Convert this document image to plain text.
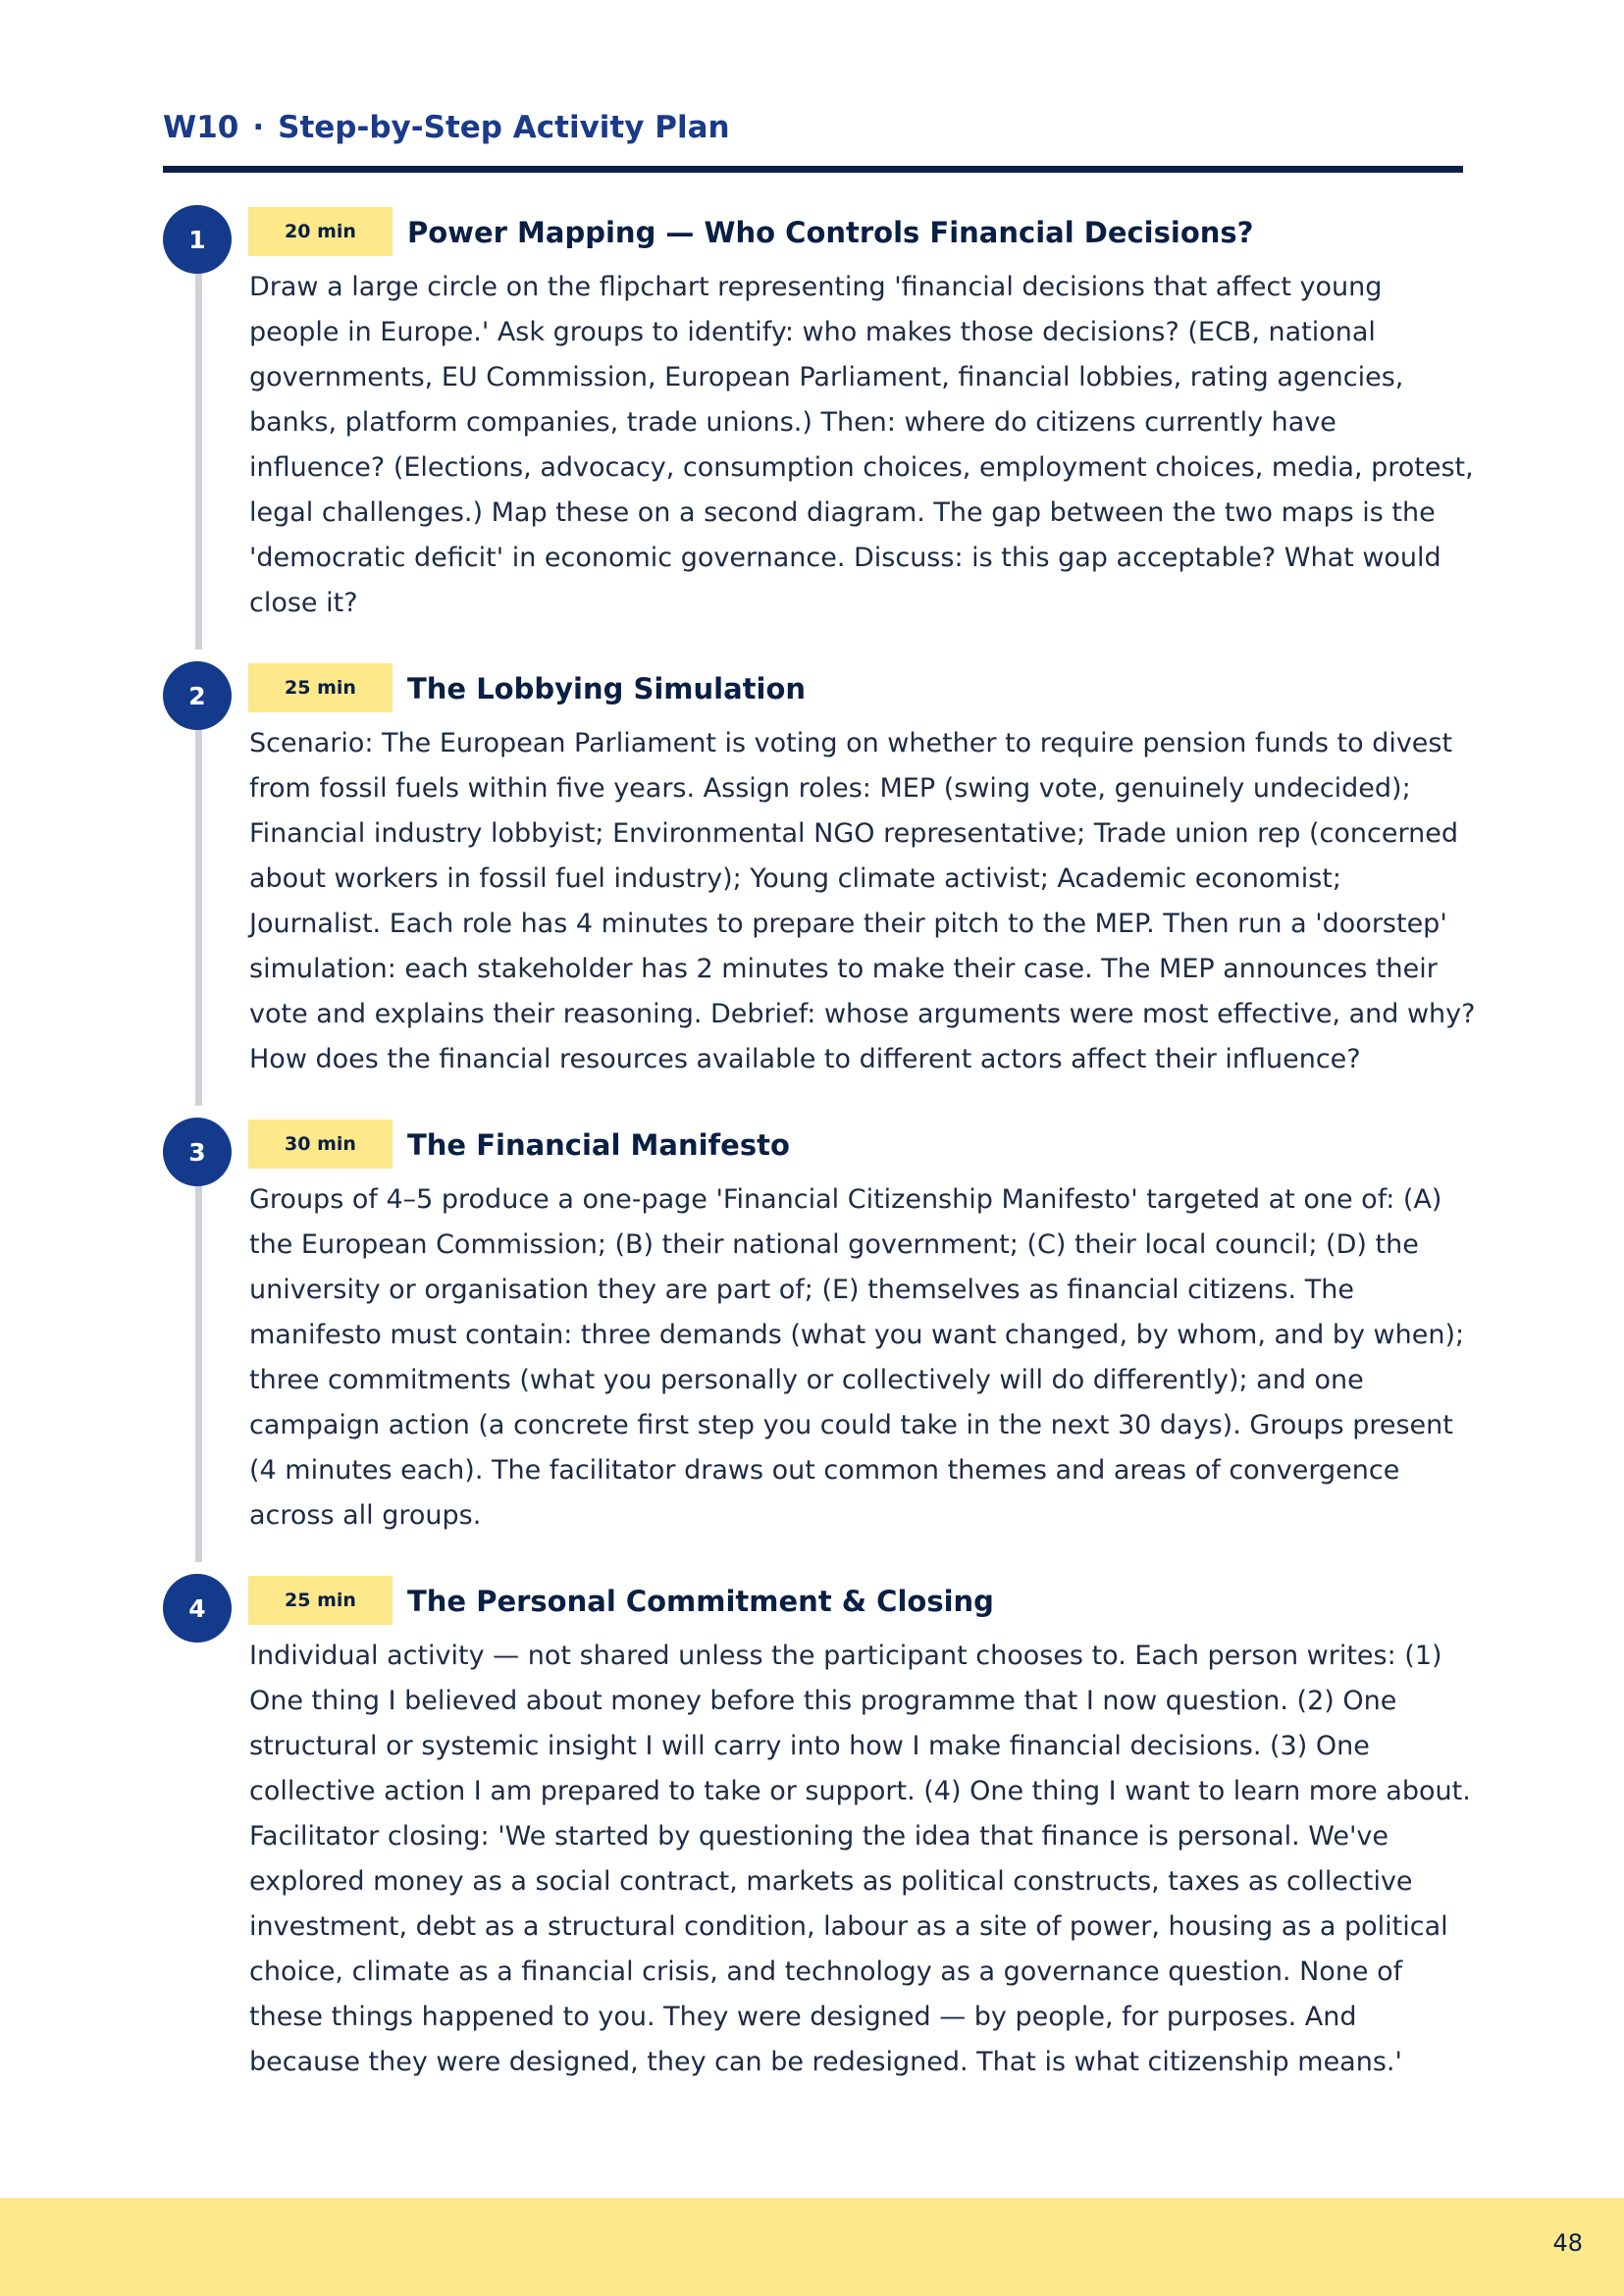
W10 · Step-by-Step Activity Plan
1	20 min	Power Mapping — Who Controls Financial Decisions?
Draw a large circle on the flipchart representing 'financial decisions that affect young people in Europe.' Ask groups to identify: who makes those decisions? (ECB, national governments, EU Commission, European Parliament, financial lobbies, rating agencies, banks, platform companies, trade unions.) Then: where do citizens currently have influence? (Elections, advocacy, consumption choices, employment choices, media, protest, legal challenges.) Map these on a second diagram. The gap between the two maps is the 'democratic deficit' in economic governance. Discuss: is this gap acceptable? What would close it?
2	25 min	The Lobbying Simulation
Scenario: The European Parliament is voting on whether to require pension funds to divest from fossil fuels within five years. Assign roles: MEP (swing vote, genuinely undecided); Financial industry lobbyist; Environmental NGO representative; Trade union rep (concerned about workers in fossil fuel industry); Young climate activist; Academic economist; Journalist. Each role has 4 minutes to prepare their pitch to the MEP. Then run a 'doorstep' simulation: each stakeholder has 2 minutes to make their case. The MEP announces their vote and explains their reasoning. Debrief: whose arguments were most effective, and why? How does the financial resources available to different actors affect their influence?
3	30 min	The Financial Manifesto
Groups of 4–5 produce a one-page 'Financial Citizenship Manifesto' targeted at one of: (A) the European Commission; (B) their national government; (C) their local council; (D) the university or organisation they are part of; (E) themselves as financial citizens. The manifesto must contain: three demands (what you want changed, by whom, and by when); three commitments (what you personally or collectively will do differently); and one campaign action (a concrete first step you could take in the next 30 days). Groups present (4 minutes each). The facilitator draws out common themes and areas of convergence across all groups.
4	25 min	The Personal Commitment & Closing
Individual activity — not shared unless the participant chooses to. Each person writes: (1) One thing I believed about money before this programme that I now question. (2) One structural or systemic insight I will carry into how I make financial decisions. (3) One collective action I am prepared to take or support. (4) One thing I want to learn more about. Facilitator closing: 'We started by questioning the idea that finance is personal. We've explored money as a social contract, markets as political constructs, taxes as collective investment, debt as a structural condition, labour as a site of power, housing as a political choice, climate as a financial crisis, and technology as a governance question. None of these things happened to you. They were designed — by people, for purposes. And because they were designed, they can be redesigned. That is what citizenship means.'
48
